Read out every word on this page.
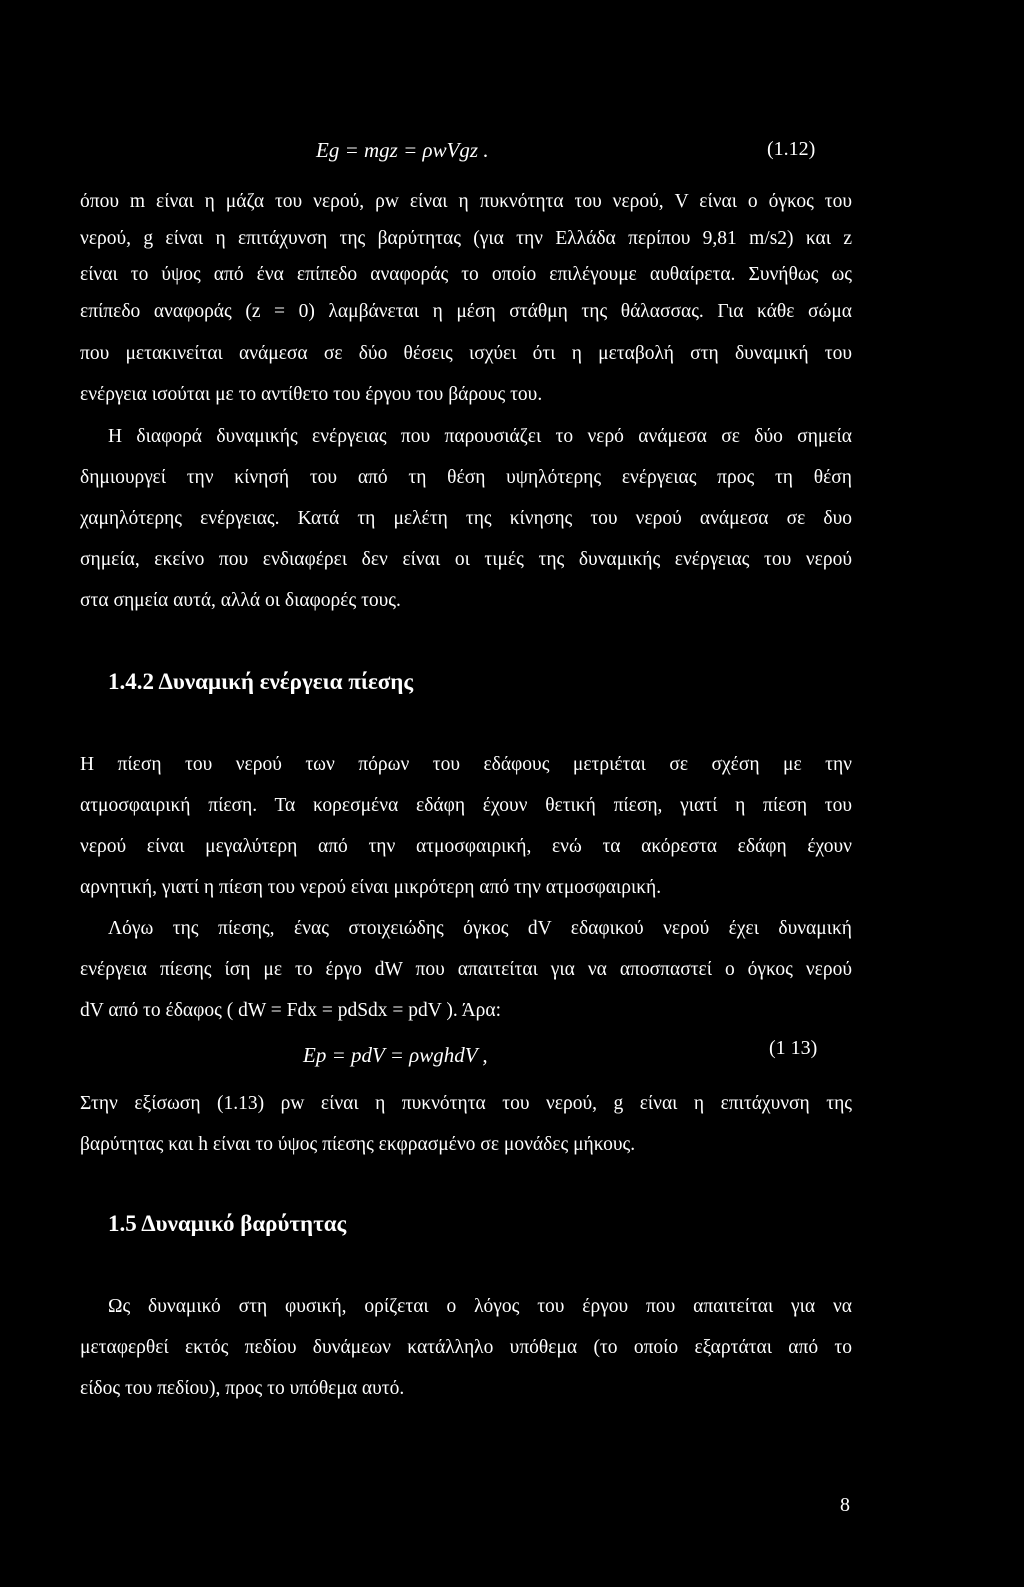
Eg = mgz = ρwVgz .	(1.12)
όπου m είναι η μάζα του νερού, ρw είναι η πυκνότητα του νερού, V είναι ο όγκος του
νερού, g είναι η επιτάχυνση της βαρύτητας (για την Ελλάδα περίπου 9,81 m/s2) και z
είναι το ύψος από ένα επίπεδο αναφοράς το οποίο επιλέγουμε αυθαίρετα. Συνήθως ως
επίπεδο αναφοράς (z = 0) λαμβάνεται η μέση στάθμη της θάλασσας. Για κάθε σώμα
που μετακινείται ανάμεσα σε δύο θέσεις ισχύει ότι η μεταβολή στη δυναμική του
ενέργεια ισούται με το αντίθετο του έργου του βάρους του.
Η διαφορά δυναμικής ενέργειας που παρουσιάζει το νερό ανάμεσα σε δύο σημεία
δημιουργεί την κίνησή του από τη θέση υψηλότερης ενέργειας προς τη θέση
χαμηλότερης ενέργειας. Κατά τη μελέτη της κίνησης του νερού ανάμεσα σε δυο
σημεία, εκείνο που ενδιαφέρει δεν είναι οι τιμές της δυναμικής ενέργειας του νερού
στα σημεία αυτά, αλλά οι διαφορές τους.
1.4.2 Δυναμική ενέργεια πίεσης
Η πίεση του νερού των πόρων του εδάφους μετριέται σε σχέση με την
ατμοσφαιρική πίεση. Τα κορεσμένα εδάφη έχουν θετική πίεση, γιατί η πίεση του
νερού είναι μεγαλύτερη από την ατμοσφαιρική, ενώ τα ακόρεστα εδάφη έχουν
αρνητική, γιατί η πίεση του νερού είναι μικρότερη από την ατμοσφαιρική.
Λόγω της πίεσης, ένας στοιχειώδης όγκος dV εδαφικού νερού έχει δυναμική
ενέργεια πίεσης ίση με το έργο dW που απαιτείται για να αποσπαστεί ο όγκος νερού
dV από το έδαφος ( dW = Fdx = pdSdx = pdV ). Άρα:
Ep = pdV = ρwghdV ,	(1 13)
Στην εξίσωση (1.13) ρw είναι η πυκνότητα του νερού, g είναι η επιτάχυνση της
βαρύτητας και h είναι το ύψος πίεσης εκφρασμένο σε μονάδες μήκους.
1.5 Δυναμικό βαρύτητας
Ως δυναμικό στη φυσική, ορίζεται ο λόγος του έργου που απαιτείται για να
μεταφερθεί εκτός πεδίου δυνάμεων κατάλληλο υπόθεμα (το οποίο εξαρτάται από το
είδος του πεδίου), προς το υπόθεμα αυτό.
8
